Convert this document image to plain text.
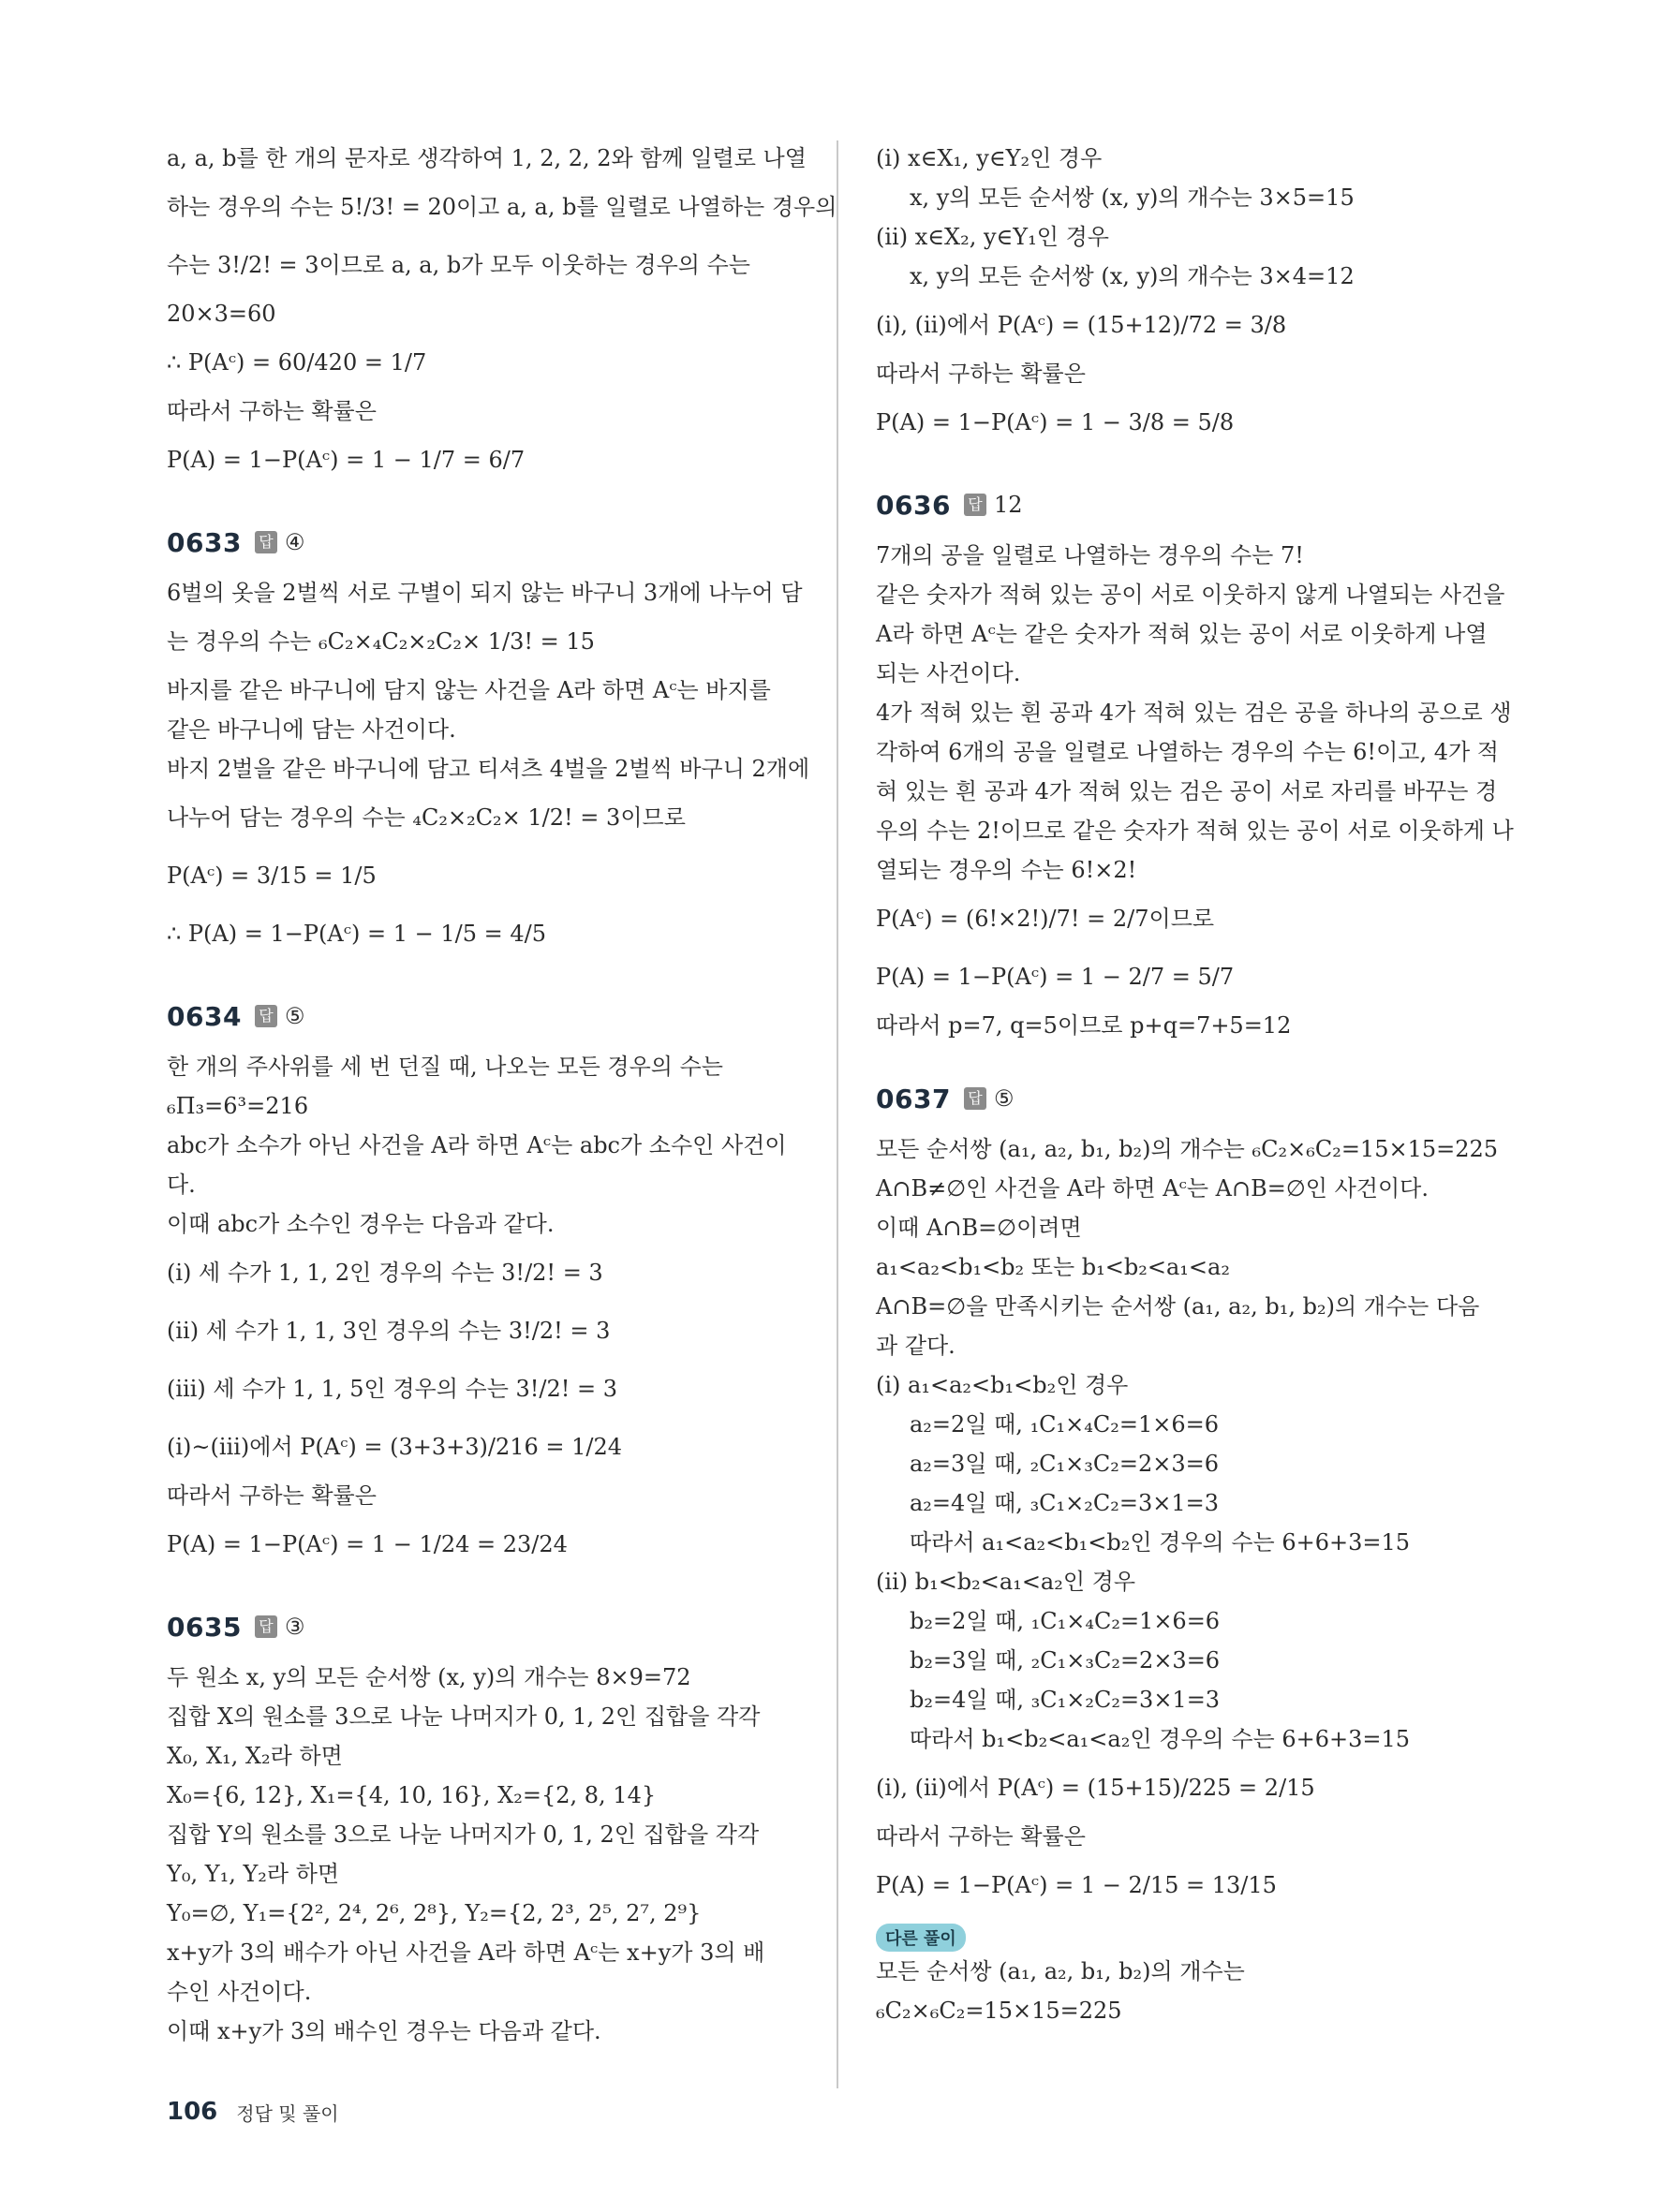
a, a, b를 한 개의 문자로 생각하여 1, 2, 2, 2와 함께 일렬로 나열
하는 경우의 수는 5!/3! = 20이고 a, a, b를 일렬로 나열하는 경우의
수는 3!/2! = 3이므로 a, a, b가 모두 이웃하는 경우의 수는
20×3=60
∴ P(Aᶜ) = 60/420 = 1/7
따라서 구하는 확률은
P(A) = 1−P(Aᶜ) = 1 − 1/7 = 6/7
0633 답 ④
6벌의 옷을 2벌씩 서로 구별이 되지 않는 바구니 3개에 나누어 담
는 경우의 수는 ₆C₂×₄C₂×₂C₂× 1/3! = 15
바지를 같은 바구니에 담지 않는 사건을 A라 하면 Aᶜ는 바지를
같은 바구니에 담는 사건이다.
바지 2벌을 같은 바구니에 담고 티셔츠 4벌을 2벌씩 바구니 2개에
나누어 담는 경우의 수는 ₄C₂×₂C₂× 1/2! = 3이므로
P(Aᶜ) = 3/15 = 1/5
∴ P(A) = 1−P(Aᶜ) = 1 − 1/5 = 4/5
0634 답 ⑤
한 개의 주사위를 세 번 던질 때, 나오는 모든 경우의 수는
₆Π₃=6³=216
abc가 소수가 아닌 사건을 A라 하면 Aᶜ는 abc가 소수인 사건이
다.
이때 abc가 소수인 경우는 다음과 같다.
(ⅰ) 세 수가 1, 1, 2인 경우의 수는 3!/2! = 3
(ⅱ) 세 수가 1, 1, 3인 경우의 수는 3!/2! = 3
(ⅲ) 세 수가 1, 1, 5인 경우의 수는 3!/2! = 3
(ⅰ)~(ⅲ)에서 P(Aᶜ) = (3+3+3)/216 = 1/24
따라서 구하는 확률은
P(A) = 1−P(Aᶜ) = 1 − 1/24 = 23/24
0635 답 ③
두 원소 x, y의 모든 순서쌍 (x, y)의 개수는 8×9=72
집합 X의 원소를 3으로 나눈 나머지가 0, 1, 2인 집합을 각각
X₀, X₁, X₂라 하면
X₀={6, 12}, X₁={4, 10, 16}, X₂={2, 8, 14}
집합 Y의 원소를 3으로 나눈 나머지가 0, 1, 2인 집합을 각각
Y₀, Y₁, Y₂라 하면
Y₀=∅, Y₁={2², 2⁴, 2⁶, 2⁸}, Y₂={2, 2³, 2⁵, 2⁷, 2⁹}
x+y가 3의 배수가 아닌 사건을 A라 하면 Aᶜ는 x+y가 3의 배
수인 사건이다.
이때 x+y가 3의 배수인 경우는 다음과 같다.
(ⅰ) x∈X₁, y∈Y₂인 경우
x, y의 모든 순서쌍 (x, y)의 개수는 3×5=15
(ⅱ) x∈X₂, y∈Y₁인 경우
x, y의 모든 순서쌍 (x, y)의 개수는 3×4=12
(ⅰ), (ⅱ)에서 P(Aᶜ) = (15+12)/72 = 3/8
따라서 구하는 확률은
P(A) = 1−P(Aᶜ) = 1 − 3/8 = 5/8
0636 답 12
7개의 공을 일렬로 나열하는 경우의 수는 7!
같은 숫자가 적혀 있는 공이 서로 이웃하지 않게 나열되는 사건을
A라 하면 Aᶜ는 같은 숫자가 적혀 있는 공이 서로 이웃하게 나열
되는 사건이다.
4가 적혀 있는 흰 공과 4가 적혀 있는 검은 공을 하나의 공으로 생
각하여 6개의 공을 일렬로 나열하는 경우의 수는 6!이고, 4가 적
혀 있는 흰 공과 4가 적혀 있는 검은 공이 서로 자리를 바꾸는 경
우의 수는 2!이므로 같은 숫자가 적혀 있는 공이 서로 이웃하게 나
열되는 경우의 수는 6!×2!
P(Aᶜ) = (6!×2!)/7! = 2/7이므로
P(A) = 1−P(Aᶜ) = 1 − 2/7 = 5/7
따라서 p=7, q=5이므로 p+q=7+5=12
0637 답 ⑤
모든 순서쌍 (a₁, a₂, b₁, b₂)의 개수는 ₆C₂×₆C₂=15×15=225
A∩B≠∅인 사건을 A라 하면 Aᶜ는 A∩B=∅인 사건이다.
이때 A∩B=∅이려면
a₁<a₂<b₁<b₂ 또는 b₁<b₂<a₁<a₂
A∩B=∅을 만족시키는 순서쌍 (a₁, a₂, b₁, b₂)의 개수는 다음
과 같다.
(ⅰ) a₁<a₂<b₁<b₂인 경우
a₂=2일 때, ₁C₁×₄C₂=1×6=6
a₂=3일 때, ₂C₁×₃C₂=2×3=6
a₂=4일 때, ₃C₁×₂C₂=3×1=3
따라서 a₁<a₂<b₁<b₂인 경우의 수는 6+6+3=15
(ⅱ) b₁<b₂<a₁<a₂인 경우
b₂=2일 때, ₁C₁×₄C₂=1×6=6
b₂=3일 때, ₂C₁×₃C₂=2×3=6
b₂=4일 때, ₃C₁×₂C₂=3×1=3
따라서 b₁<b₂<a₁<a₂인 경우의 수는 6+6+3=15
(ⅰ), (ⅱ)에서 P(Aᶜ) = (15+15)/225 = 2/15
따라서 구하는 확률은
P(A) = 1−P(Aᶜ) = 1 − 2/15 = 13/15
다른 풀이
모든 순서쌍 (a₁, a₂, b₁, b₂)의 개수는
₆C₂×₆C₂=15×15=225
106 정답 및 풀이
